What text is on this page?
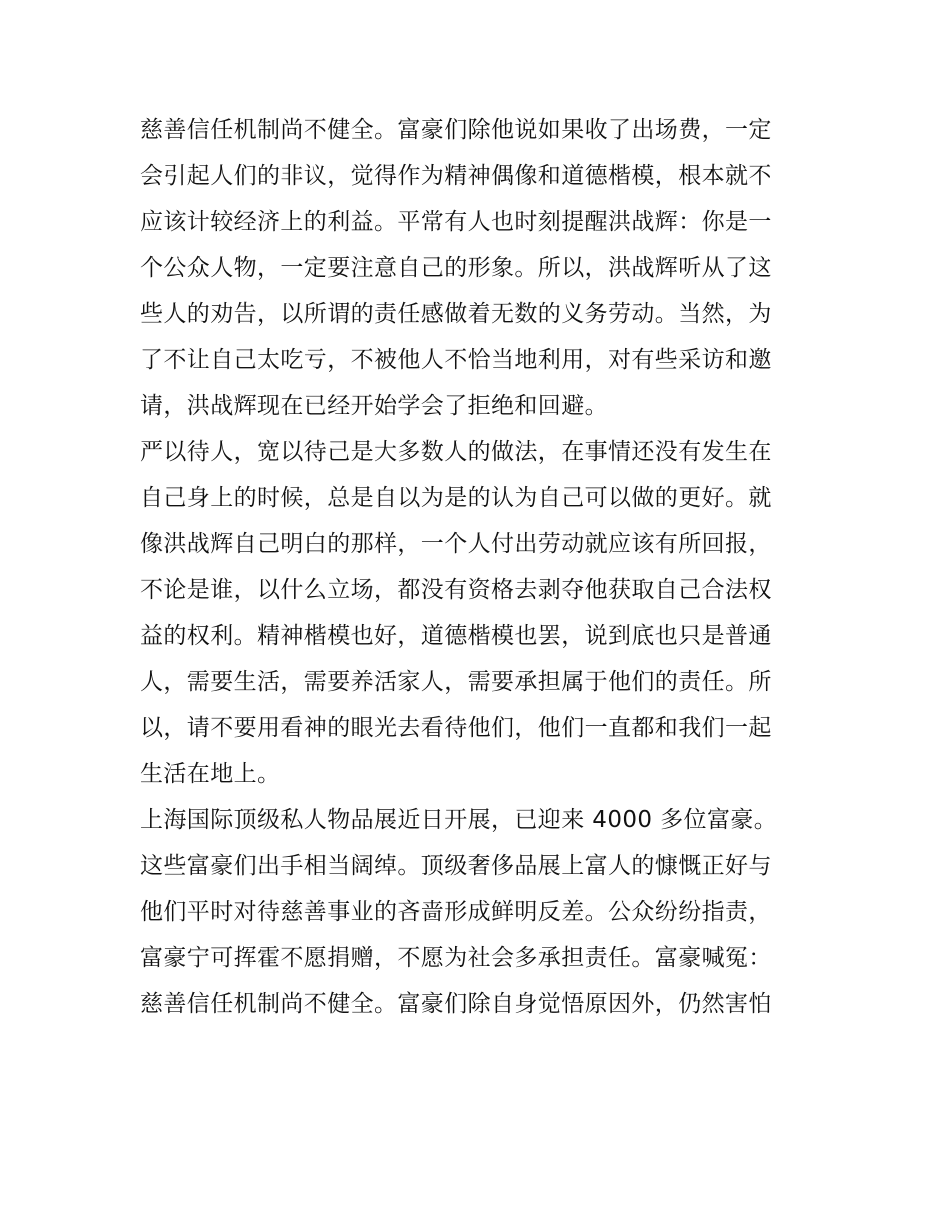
慈善信任机制尚不健全。富豪们除他说如果收了出场费，一定
会引起人们的非议，觉得作为精神偶像和道德楷模，根本就不
应该计较经济上的利益。平常有人也时刻提醒洪战辉：你是一
个公众人物，一定要注意自己的形象。所以，洪战辉听从了这
些人的劝告，以所谓的责任感做着无数的义务劳动。当然，为
了不让自己太吃亏，不被他人不恰当地利用，对有些采访和邀
请，洪战辉现在已经开始学会了拒绝和回避。
严以待人，宽以待己是大多数人的做法，在事情还没有发生在
自己身上的时候，总是自以为是的认为自己可以做的更好。就
像洪战辉自己明白的那样，一个人付出劳动就应该有所回报，
不论是谁，以什么立场，都没有资格去剥夺他获取自己合法权
益的权利。精神楷模也好，道德楷模也罢，说到底也只是普通
人，需要生活，需要养活家人，需要承担属于他们的责任。所
以，请不要用看神的眼光去看待他们，他们一直都和我们一起
生活在地上。
上海国际顶级私人物品展近日开展，已迎来 4000 多位富豪。
这些富豪们出手相当阔绰。顶级奢侈品展上富人的慷慨正好与
他们平时对待慈善事业的吝啬形成鲜明反差。公众纷纷指责，
富豪宁可挥霍不愿捐赠，不愿为社会多承担责任。富豪喊冤：
慈善信任机制尚不健全。富豪们除自身觉悟原因外，仍然害怕
